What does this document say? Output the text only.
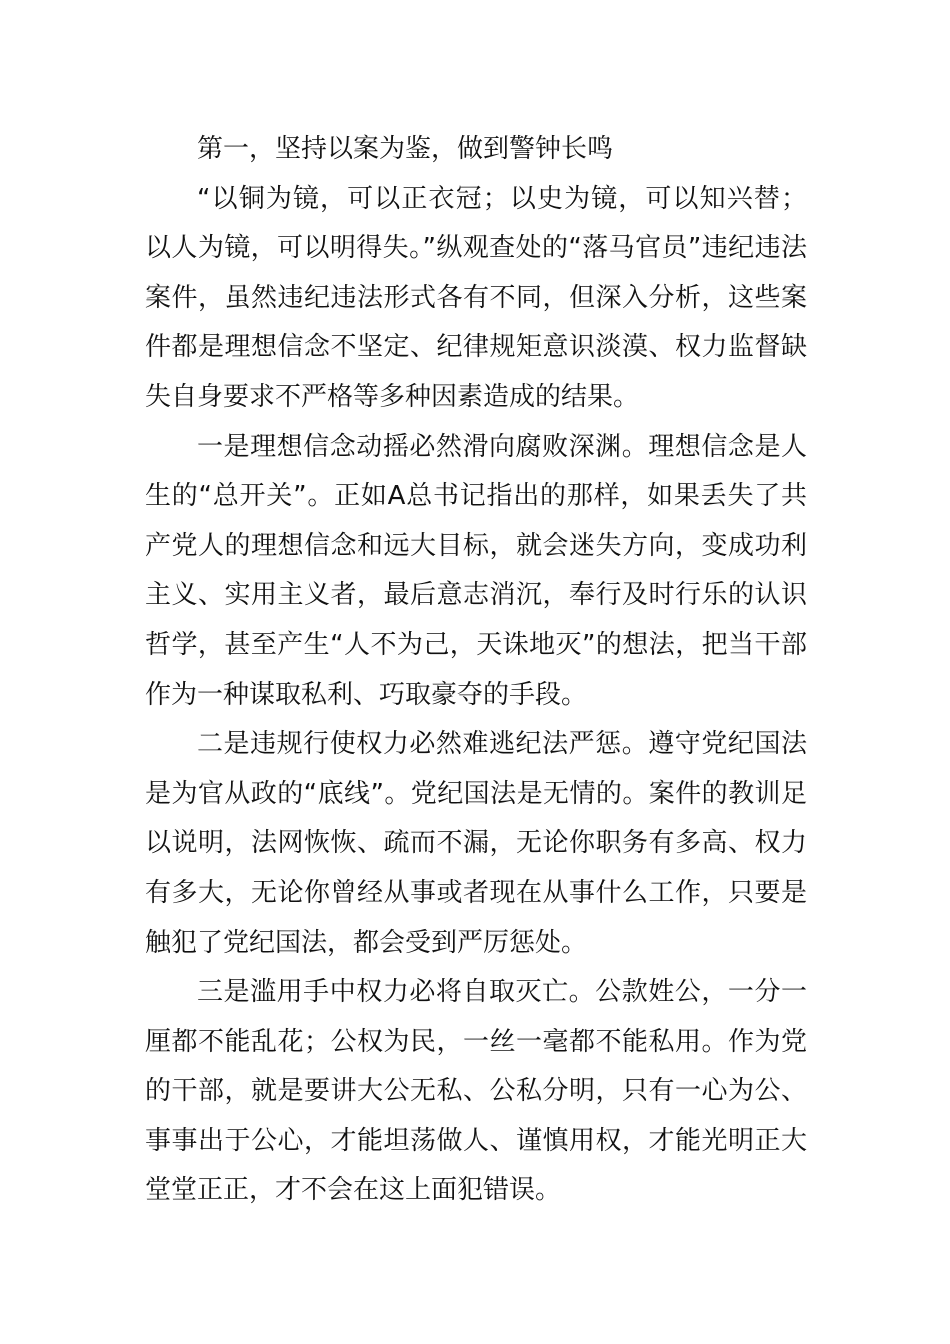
第一，坚持以案为鉴，做到警钟长鸣

“以铜为镜，可以正衣冠；以史为镜，可以知兴替；以人为镜，可以明得失。”纵观查处的“落马官员”违纪违法案件，虽然违纪违法形式各有不同，但深入分析，这些案件都是理想信念不坚定、纪律规矩意识淡漠、权力监督缺失自身要求不严格等多种因素造成的结果。

一是理想信念动摇必然滑向腐败深渊。理想信念是人生的“总开关”。正如A总书记指出的那样，如果丢失了共产党人的理想信念和远大目标，就会迷失方向，变成功利主义、实用主义者，最后意志消沉，奉行及时行乐的认识哲学，甚至产生“人不为己，天诛地灭”的想法，把当干部作为一种谋取私利、巧取豪夺的手段。

二是违规行使权力必然难逃纪法严惩。遵守党纪国法是为官从政的“底线”。党纪国法是无情的。案件的教训足以说明，法网恢恢、疏而不漏，无论你职务有多高、权力有多大，无论你曾经从事或者现在从事什么工作，只要是触犯了党纪国法，都会受到严厉惩处。

三是滥用手中权力必将自取灭亡。公款姓公，一分一厘都不能乱花；公权为民，一丝一毫都不能私用。作为党的干部，就是要讲大公无私、公私分明，只有一心为公、事事出于公心，才能坦荡做人、谨慎用权，才能光明正大堂堂正正，才不会在这上面犯错误。
